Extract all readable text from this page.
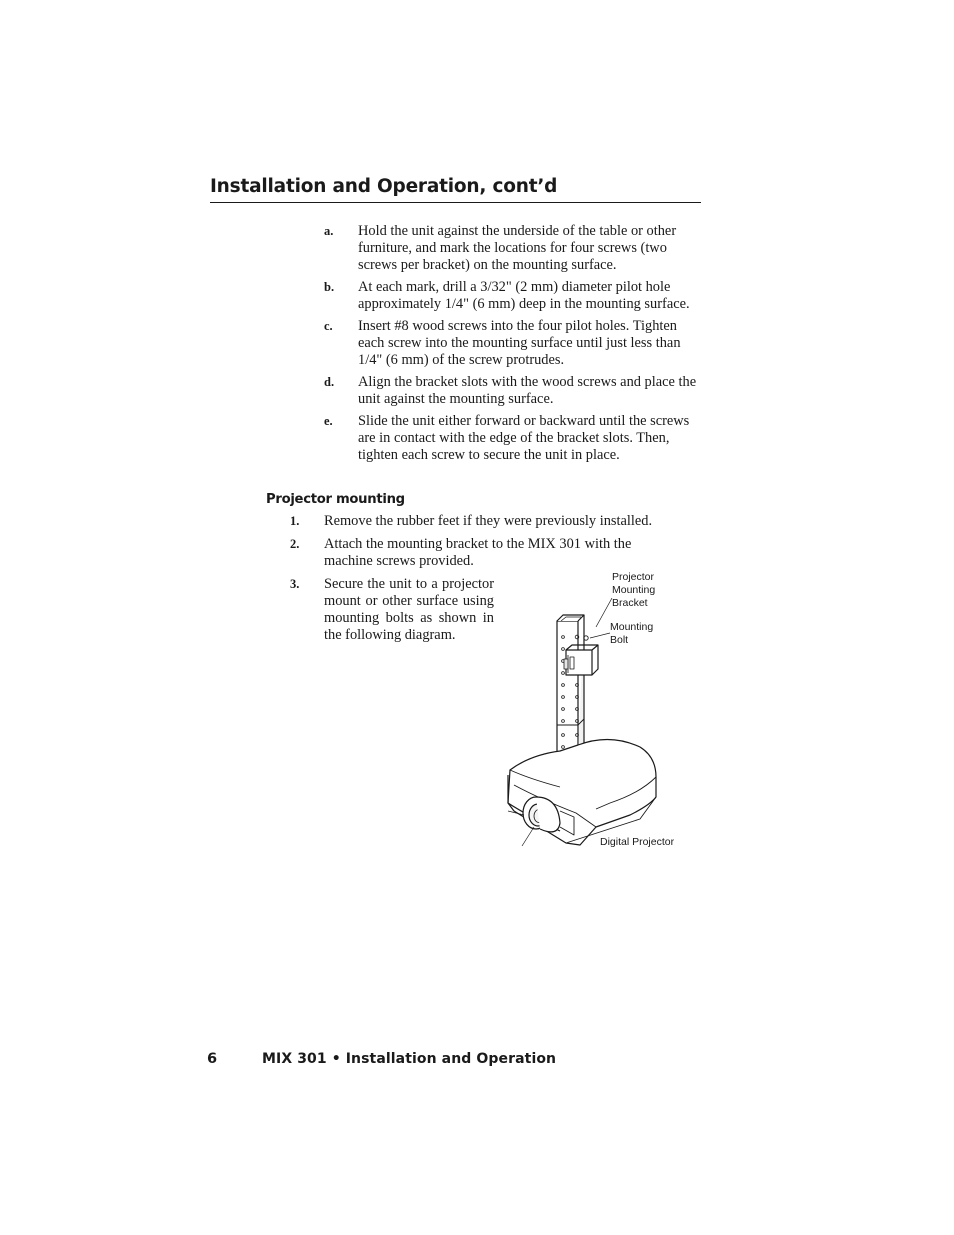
Installation and Operation, cont’d
a.	Hold the unit against the underside of the table or other furniture, and mark the locations for four screws (two screws per bracket) on the mounting surface.
b.	At each mark, drill a 3/32" (2 mm) diameter pilot hole approximately 1/4" (6 mm) deep in the mounting surface.
c.	Insert #8 wood screws into the four pilot holes. Tighten each screw into the mounting surface until just less than 1/4" (6 mm) of the screw protrudes.
d.	Align the bracket slots with the wood screws and place the unit against the mounting surface.
e.	Slide the unit either forward or backward until the screws are in contact with the edge of the bracket slots. Then, tighten each screw to secure the unit in place.
Projector mounting
1.	Remove the rubber feet if they were previously installed.
2.	Attach the mounting bracket to the MIX 301 with the machine screws provided.
3.	Secure the unit to a projector mount or other surface using mounting bolts as shown in the following diagram.
Projector Mounting Bracket
Mounting Bolt
Digital Projector
6	MIX 301 • Installation and Operation
